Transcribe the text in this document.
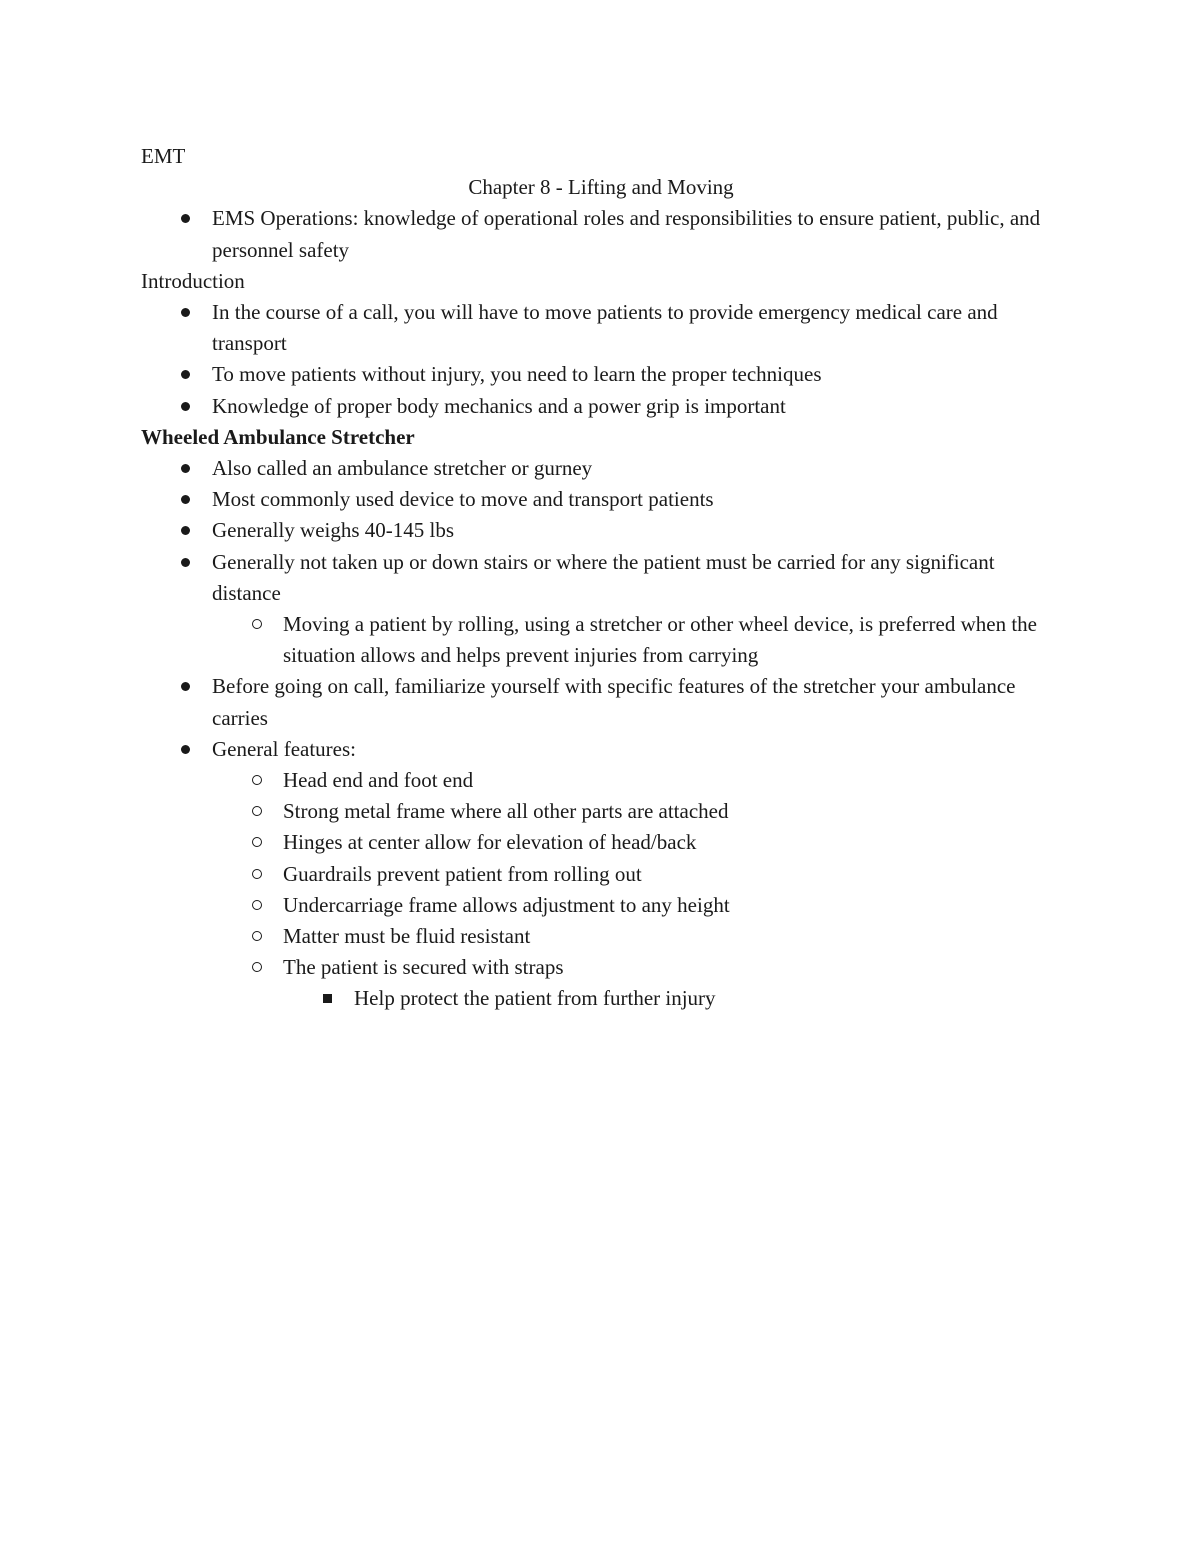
EMT

Chapter 8 - Lifting and Moving

EMS Operations: knowledge of operational roles and responsibilities to ensure patient, public, and personnel safety

Introduction

In the course of a call, you will have to move patients to provide emergency medical care and transport
To move patients without injury, you need to learn the proper techniques
Knowledge of proper body mechanics and a power grip is important

Wheeled Ambulance Stretcher

Also called an ambulance stretcher or gurney
Most commonly used device to move and transport patients
Generally weighs 40-145 lbs
Generally not taken up or down stairs or where the patient must be carried for any significant distance
Moving a patient by rolling, using a stretcher or other wheel device, is preferred when the situation allows and helps prevent injuries from carrying
Before going on call, familiarize yourself with specific features of the stretcher your ambulance carries
General features:
Head end and foot end
Strong metal frame where all other parts are attached
Hinges at center allow for elevation of head/back
Guardrails prevent patient from rolling out
Undercarriage frame allows adjustment to any height
Matter must be fluid resistant
The patient is secured with straps
Help protect the patient from further injury
